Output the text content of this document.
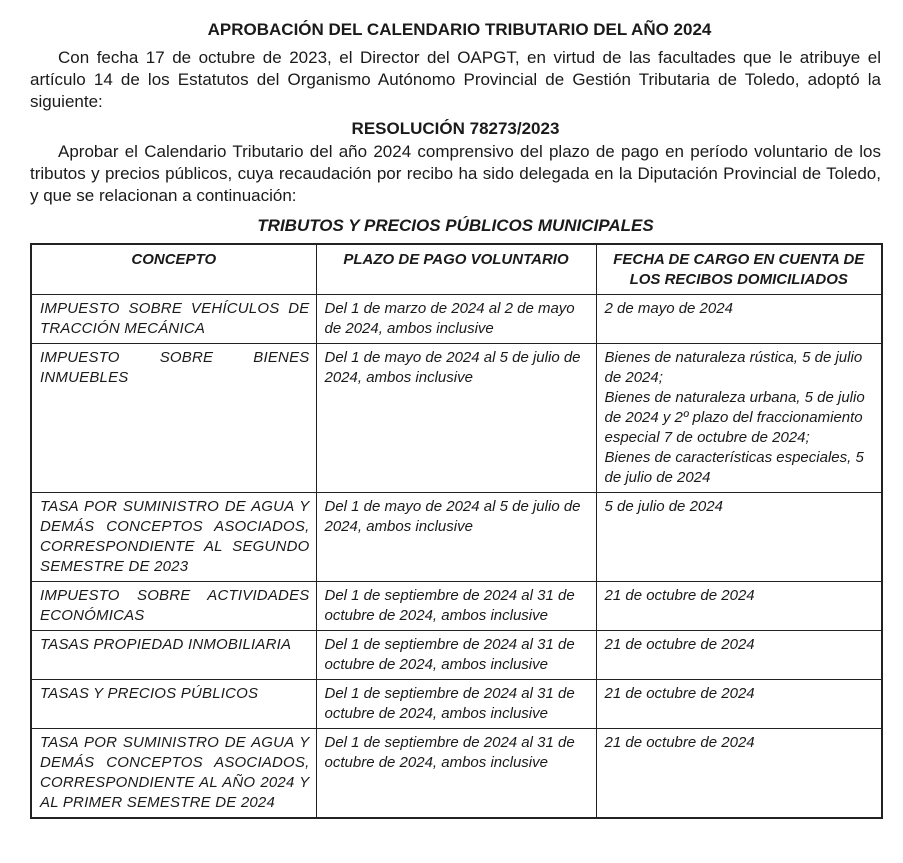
APROBACIÓN DEL CALENDARIO TRIBUTARIO DEL AÑO 2024

Con fecha 17 de octubre de 2023, el Director del OAPGT, en virtud de las facultades que le atribuye el artículo 14 de los Estatutos del Organismo Autónomo Provincial de Gestión Tributaria de Toledo, adoptó la siguiente:

RESOLUCIÓN 78273/2023

Aprobar el Calendario Tributario del año 2024 comprensivo del plazo de pago en período voluntario de los tributos y precios públicos, cuya recaudación por recibo ha sido delegada en la Diputación Provincial de Toledo, y que se relacionan a continuación:

TRIBUTOS Y PRECIOS PÚBLICOS MUNICIPALES
CONCEPTO	PLAZO DE PAGO VOLUNTARIO	FECHA DE CARGO EN CUENTA DE LOS RECIBOS DOMICILIADOS
IMPUESTO SOBRE VEHÍCULOS DE TRACCIÓN MECÁNICA	Del 1 de marzo de 2024 al 2 de mayo de 2024, ambos inclusive	2 de mayo de 2024

IMPUESTO SOBRE BIENES INMUEBLES	Del 1 de mayo de 2024 al 5 de julio de 2024, ambos inclusive	Bienes de naturaleza rústica, 5 de julio de 2024;
Bienes de naturaleza urbana, 5 de julio de 2024 y 2º plazo del fraccionamiento especial 7 de octubre de 2024;
Bienes de características especiales, 5 de julio de 2024

TASA POR SUMINISTRO DE AGUA Y DEMÁS CONCEPTOS ASOCIADOS, CORRESPONDIENTE AL SEGUNDO SEMESTRE DE 2023	Del 1 de mayo de 2024 al 5 de julio de 2024, ambos inclusive	5 de julio de 2024

IMPUESTO SOBRE ACTIVIDADES ECONÓMICAS	Del 1 de septiembre de 2024 al 31 de octubre de 2024, ambos inclusive	21 de octubre de 2024

TASAS PROPIEDAD INMOBILIARIA	Del 1 de septiembre de 2024 al 31 de octubre de 2024, ambos inclusive	21 de octubre de 2024

TASAS Y PRECIOS PÚBLICOS	Del 1 de septiembre de 2024 al 31 de octubre de 2024, ambos inclusive	21 de octubre de 2024

TASA POR SUMINISTRO DE AGUA Y DEMÁS CONCEPTOS ASOCIADOS, CORRESPONDIENTE AL AÑO 2024 Y AL PRIMER SEMESTRE DE 2024	Del 1 de septiembre de 2024 al 31 de octubre de 2024, ambos inclusive	21 de octubre de 2024
